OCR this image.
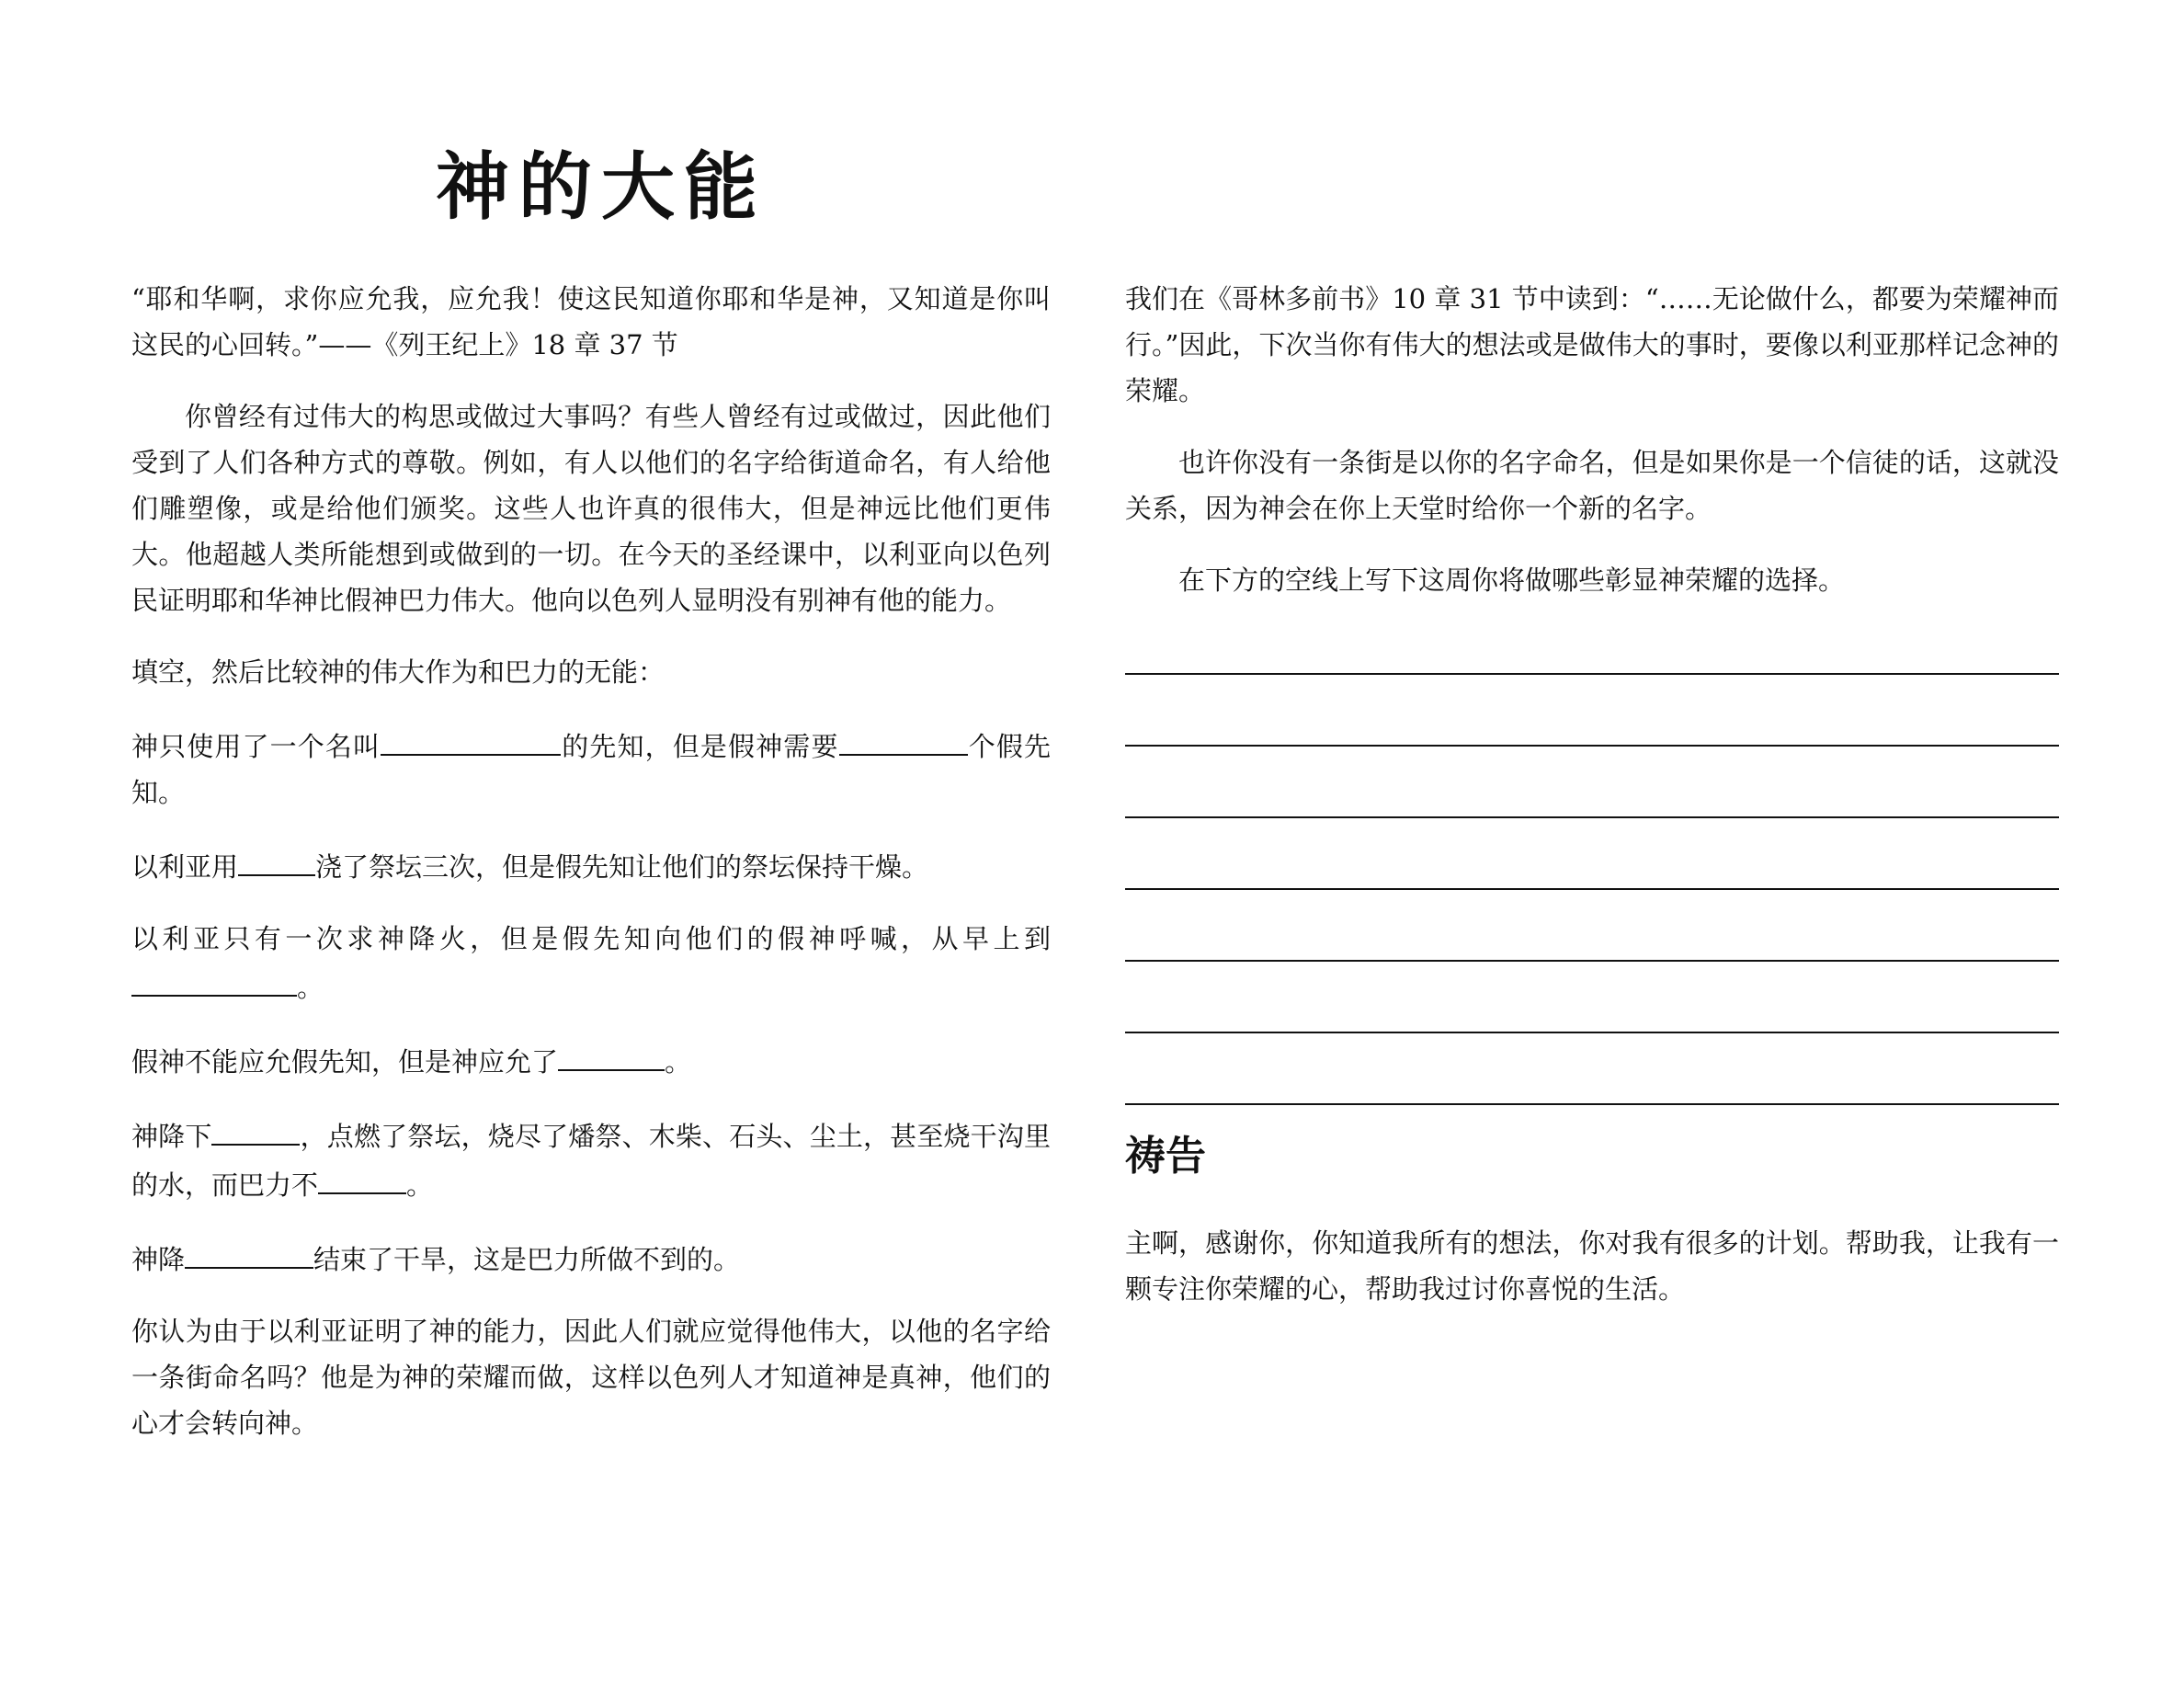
神的大能

“耶和华啊，求你应允我，应允我！使这民知道你耶和华是神，又知道是你叫这民的心回转。”——《列王纪上》18 章 37 节

你曾经有过伟大的构思或做过大事吗？有些人曾经有过或做过，因此他们受到了人们各种方式的尊敬。例如，有人以他们的名字给街道命名，有人给他们雕塑像，或是给他们颁奖。这些人也许真的很伟大，但是神远比他们更伟大。他超越人类所能想到或做到的一切。在今天的圣经课中，以利亚向以色列民证明耶和华神比假神巴力伟大。他向以色列人显明没有别神有他的能力。

填空，然后比较神的伟大作为和巴力的无能：

神只使用了一个名叫	的先知，但是假神需要	个假先知。

以利亚用	浇了祭坛三次，但是假先知让他们的祭坛保持干燥。

以利亚只有一次求神降火，但是假先知向他们的假神呼喊，从早上到。

假神不能应允假先知，但是神应允了	。

神降下	，点燃了祭坛，烧尽了燔祭、木柴、石头、尘土，甚至烧干沟里的水，而巴力不	。

神降	结束了干旱，这是巴力所做不到的。

你认为由于以利亚证明了神的能力，因此人们就应觉得他伟大，以他的名字给一条街命名吗？他是为神的荣耀而做，这样以色列人才知道神是真神，他们的心才会转向神。

我们在《哥林多前书》10 章 31 节中读到：“……无论做什么，都要为荣耀神而行。”因此，下次当你有伟大的想法或是做伟大的事时，要像以利亚那样记念神的荣耀。

也许你没有一条街是以你的名字命名，但是如果你是一个信徒的话，这就没关系，因为神会在你上天堂时给你一个新的名字。

在下方的空线上写下这周你将做哪些彰显神荣耀的选择。

祷告

主啊，感谢你，你知道我所有的想法，你对我有很多的计划。帮助我，让我有一颗专注你荣耀的心，帮助我过讨你喜悦的生活。
